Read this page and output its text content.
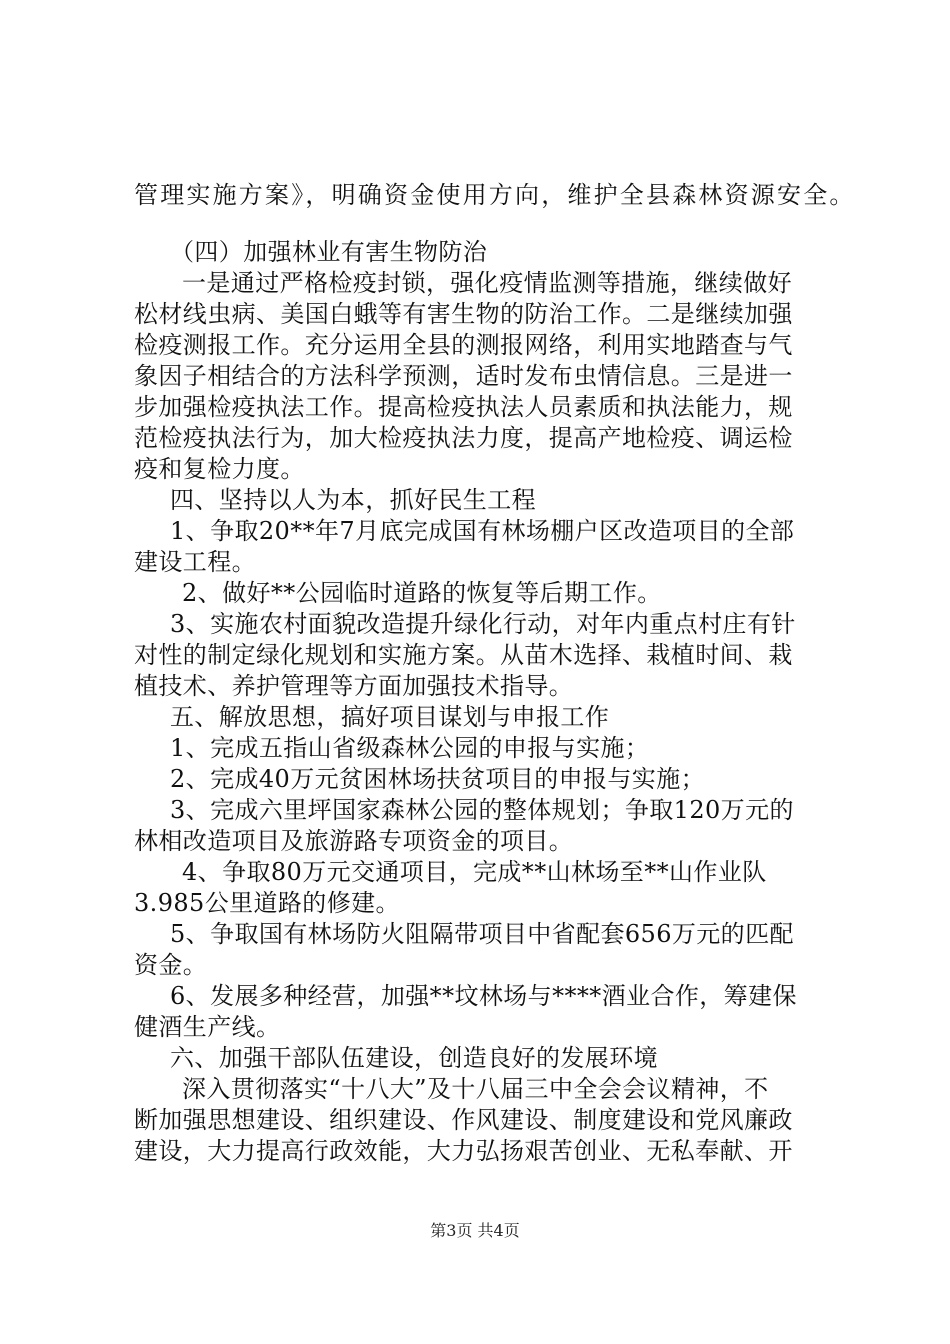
管理实施方案》，明确资金使用方向，维护全县森林资源安全。
（四）加强林业有害生物防治
一是通过严格检疫封锁，强化疫情监测等措施，继续做好
松材线虫病、美国白蛾等有害生物的防治工作。二是继续加强
检疫测报工作。充分运用全县的测报网络，利用实地踏查与气
象因子相结合的方法科学预测，适时发布虫情信息。三是进一
步加强检疫执法工作。提高检疫执法人员素质和执法能力，规
范检疫执法行为，加大检疫执法力度，提高产地检疫、调运检
疫和复检力度。
四、坚持以人为本，抓好民生工程
1、争取20**年7月底完成国有林场棚户区改造项目的全部
建设工程。
2、做好**公园临时道路的恢复等后期工作。
3、实施农村面貌改造提升绿化行动，对年内重点村庄有针
对性的制定绿化规划和实施方案。从苗木选择、栽植时间、栽
植技术、养护管理等方面加强技术指导。
五、解放思想，搞好项目谋划与申报工作
1、完成五指山省级森林公园的申报与实施；
2、完成40万元贫困林场扶贫项目的申报与实施；
3、完成六里坪国家森林公园的整体规划；争取120万元的
林相改造项目及旅游路专项资金的项目。
4、争取80万元交通项目，完成**山林场至**山作业队
3.985公里道路的修建。
5、争取国有林场防火阻隔带项目中省配套656万元的匹配
资金。
6、发展多种经营，加强**坟林场与****酒业合作，筹建保
健酒生产线。
六、加强干部队伍建设，创造良好的发展环境
深入贯彻落实“十八大”及十八届三中全会会议精神，不
断加强思想建设、组织建设、作风建设、制度建设和党风廉政
建设，大力提高行政效能，大力弘扬艰苦创业、无私奉献、开
第3页 共4页
